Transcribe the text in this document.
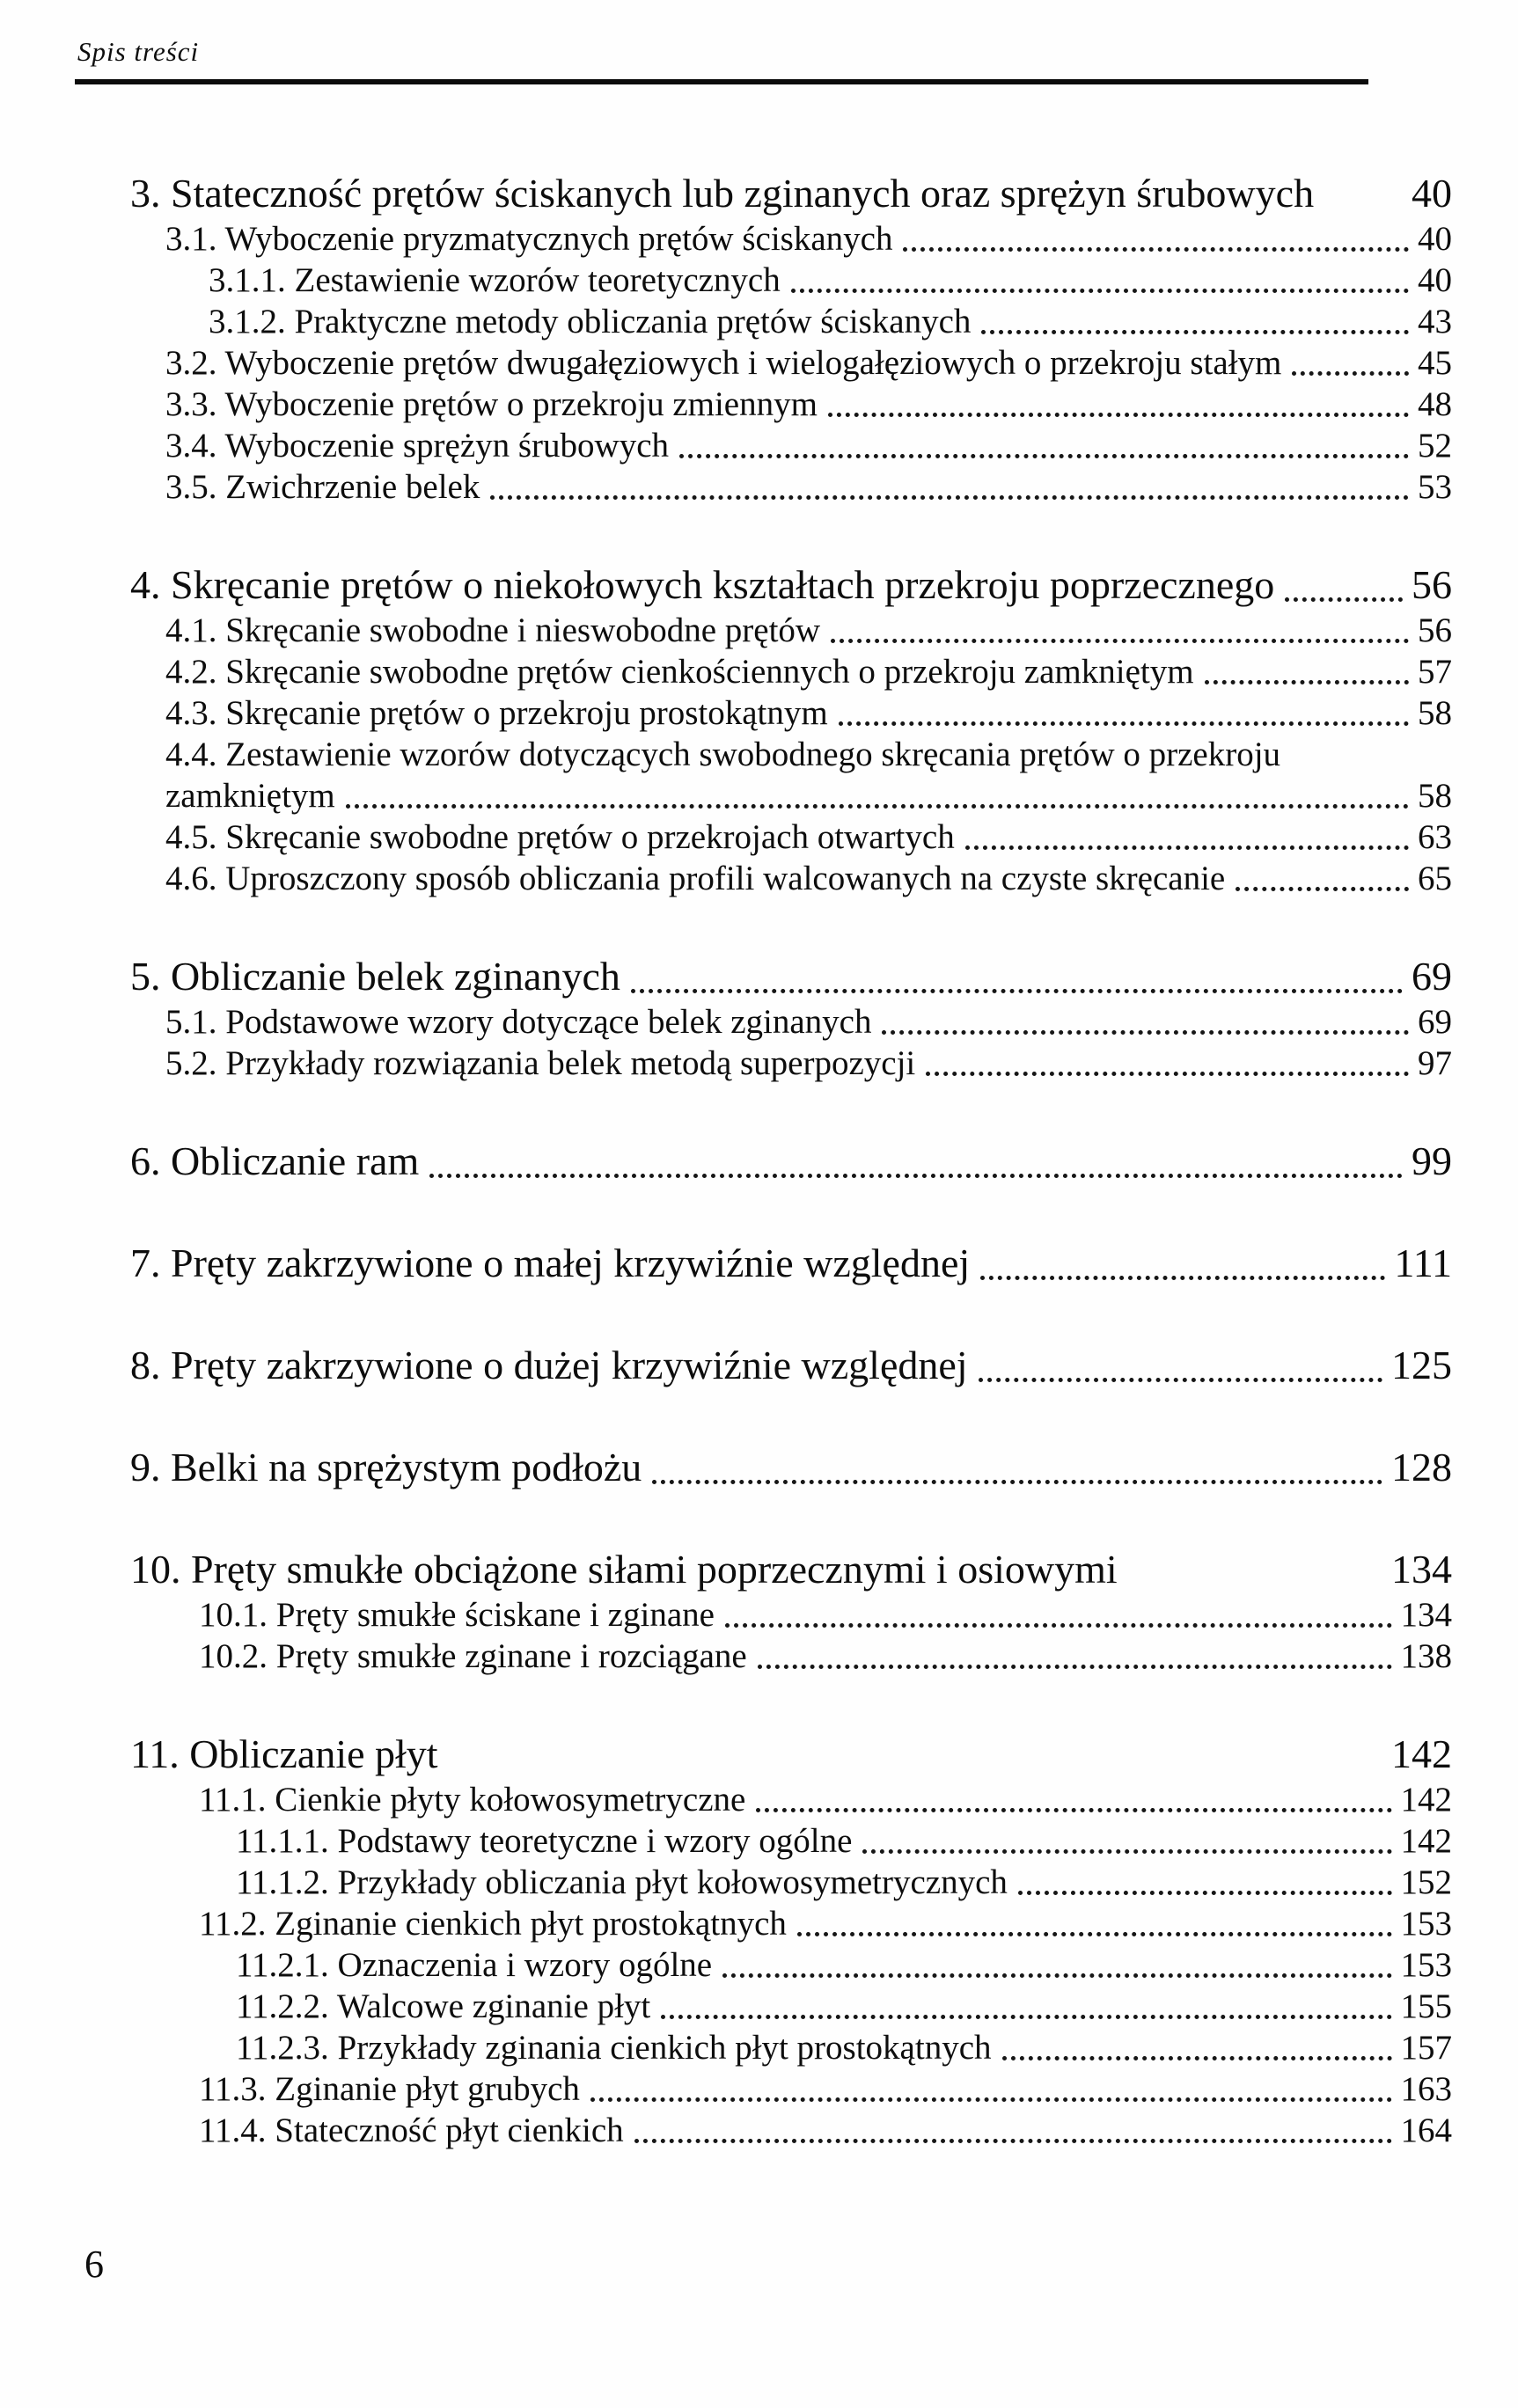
Spis treści
3. Stateczność prętów ściskanych lub zginanych oraz sprężyn śrubowych 40
3.1. Wyboczenie pryzmatycznych prętów ściskanych	40
3.1.1. Zestawienie wzorów teoretycznych	40
3.1.2. Praktyczne metody obliczania prętów ściskanych	43
3.2. Wyboczenie prętów dwugałęziowych i wielogałęziowych o przekroju stałym	45
3.3. Wyboczenie prętów o przekroju zmiennym	48
3.4. Wyboczenie sprężyn śrubowych	52
3.5. Zwichrzenie belek	53
4. Skręcanie prętów o niekołowych kształtach przekroju poprzecznego	56
4.1. Skręcanie swobodne i nieswobodne prętów	56
4.2. Skręcanie swobodne prętów cienkościennych o przekroju zamkniętym	57
4.3. Skręcanie prętów o przekroju prostokątnym	58
4.4. Zestawienie wzorów dotyczących swobodnego skręcania prętów o przekroju
zamkniętym	58
4.5. Skręcanie swobodne prętów o przekrojach otwartych	63
4.6. Uproszczony sposób obliczania profili walcowanych na czyste skręcanie	65
5. Obliczanie belek zginanych	69
5.1. Podstawowe wzory dotyczące belek zginanych	69
5.2. Przykłady rozwiązania belek metodą superpozycji	97
6. Obliczanie ram	99
7. Pręty zakrzywione o małej krzywiźnie względnej	111
8. Pręty zakrzywione o dużej krzywiźnie względnej	125
9. Belki na sprężystym podłożu	128
10. Pręty smukłe obciążone siłami poprzecznymi i osiowymi	134
10.1. Pręty smukłe ściskane i zginane	134
10.2. Pręty smukłe zginane i rozciągane	138
11. Obliczanie płyt	142
11.1. Cienkie płyty kołowosymetryczne	142
11.1.1. Podstawy teoretyczne i wzory ogólne	142
11.1.2. Przykłady obliczania płyt kołowosymetrycznych	152
11.2. Zginanie cienkich płyt prostokątnych	153
11.2.1. Oznaczenia i wzory ogólne	153
11.2.2. Walcowe zginanie płyt	155
11.2.3. Przykłady zginania cienkich płyt prostokątnych	157
11.3. Zginanie płyt grubych	163
11.4. Stateczność płyt cienkich	164
6
